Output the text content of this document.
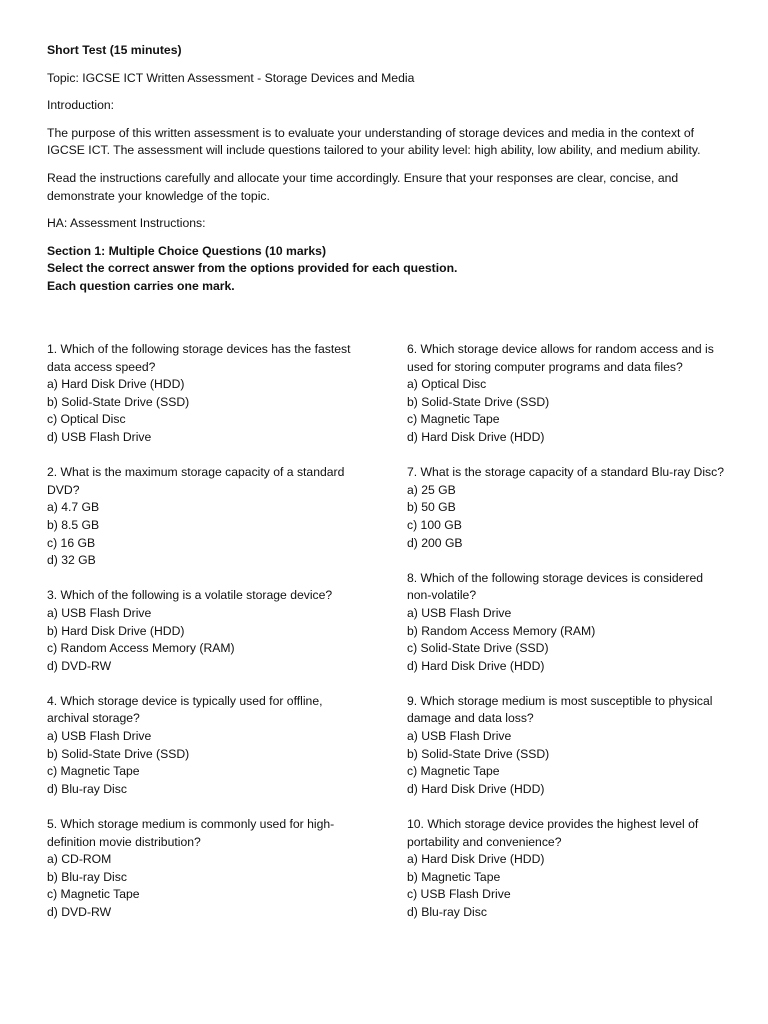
Short Test (15 minutes)

Topic: IGCSE ICT Written Assessment - Storage Devices and Media

Introduction:

The purpose of this written assessment is to evaluate your understanding of storage devices and media in the context of IGCSE ICT. The assessment will include questions tailored to your ability level: high ability, low ability, and medium ability.

Read the instructions carefully and allocate your time accordingly. Ensure that your responses are clear, concise, and demonstrate your knowledge of the topic.

HA: Assessment Instructions:

Section 1: Multiple Choice Questions (10 marks)

Select the correct answer from the options provided for each question.

Each question carries one mark.

1. Which of the following storage devices has the fastest data access speed?

a) Hard Disk Drive (HDD)

b) Solid-State Drive (SSD)

c) Optical Disc

d) USB Flash Drive

2. What is the maximum storage capacity of a standard DVD?

a) 4.7 GB

b) 8.5 GB

c) 16 GB

d) 32 GB

3. Which of the following is a volatile storage device?

a) USB Flash Drive

b) Hard Disk Drive (HDD)

c) Random Access Memory (RAM)

d) DVD-RW

4. Which storage device is typically used for offline, archival storage?

a) USB Flash Drive

b) Solid-State Drive (SSD)

c) Magnetic Tape

d) Blu-ray Disc

5. Which storage medium is commonly used for high-definition movie distribution?

a) CD-ROM

b) Blu-ray Disc

c) Magnetic Tape

d) DVD-RW

6. Which storage device allows for random access and is used for storing computer programs and data files?

a) Optical Disc

b) Solid-State Drive (SSD)

c) Magnetic Tape

d) Hard Disk Drive (HDD)

7. What is the storage capacity of a standard Blu-ray Disc?

a) 25 GB

b) 50 GB

c) 100 GB

d) 200 GB

8. Which of the following storage devices is considered non-volatile?

a) USB Flash Drive

b) Random Access Memory (RAM)

c) Solid-State Drive (SSD)

d) Hard Disk Drive (HDD)

9. Which storage medium is most susceptible to physical damage and data loss?

a) USB Flash Drive

b) Solid-State Drive (SSD)

c) Magnetic Tape

d) Hard Disk Drive (HDD)

10. Which storage device provides the highest level of portability and convenience?

a) Hard Disk Drive (HDD)

b) Magnetic Tape

c) USB Flash Drive

d) Blu-ray Disc
